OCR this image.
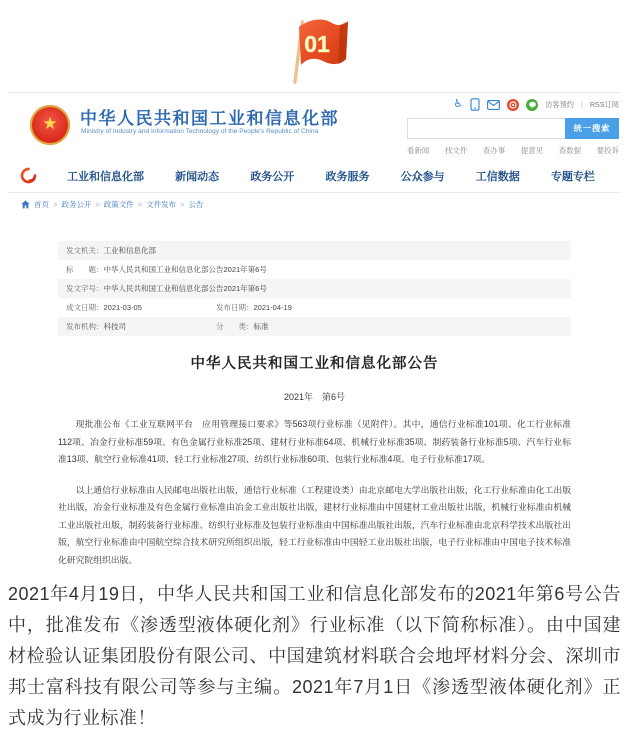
01
★ 中华人民共和国工业和信息化部
Ministry of Industry and Information Technology of the People's Republic of China
♿	访客预约 | RSS订阅
统一搜索
看新闻 找文件 查办事 提意见 查数据 要投诉
工业和信息化部	新闻动态	政务公开	政务服务	公众参与	工信数据	专题专栏
首页 > 政务公开 > 政策文件 > 文件发布 > 公告
发文机关： 工业和信息化部
标　　题： 中华人民共和国工业和信息化部公告2021年第6号
发文字号： 中华人民共和国工业和信息化部公告2021年第6号
成文日期： 2021-03-05	发布日期： 2021-04-19
发布机构： 科技司	分　　类： 标准
中华人民共和国工业和信息化部公告
2021年　第6号

现批准公布《工业互联网平台　应用管理接口要求》等563项行业标准（见附件）。其中，通信行业标准101项、化工行业标准112项、冶金行业标准59项、有色金属行业标准25项、建材行业标准64项、机械行业标准35项、制药装备行业标准5项、汽车行业标准13项、航空行业标准41项、轻工行业标准27项、纺织行业标准60项、包装行业标准4项、电子行业标准17项。

以上通信行业标准由人民邮电出版社出版，通信行业标准（工程建设类）由北京邮电大学出版社出版，化工行业标准由化工出版社出版，冶金行业标准及有色金属行业标准由冶金工业出版社出版，建材行业标准由中国建材工业出版社出版，机械行业标准由机械工业出版社出版，制药装备行业标准、纺织行业标准及包装行业标准由中国标准出版社出版，汽车行业标准由北京科学技术出版社出版，航空行业标准由中国航空综合技术研究所组织出版，轻工行业标准由中国轻工业出版社出版，电子行业标准由中国电子技术标准化研究院组织出版。

2021年4月19日，中华人民共和国工业和信息化部发布的2021年第6号公告中，批准发布《渗透型液体硬化剂》行业标准（以下简称标准）。由中国建材检验认证集团股份有限公司、中国建筑材料联合会地坪材料分会、深圳市邦士富科技有限公司等参与主编。2021年7月1日《渗透型液体硬化剂》正式成为行业标准！
